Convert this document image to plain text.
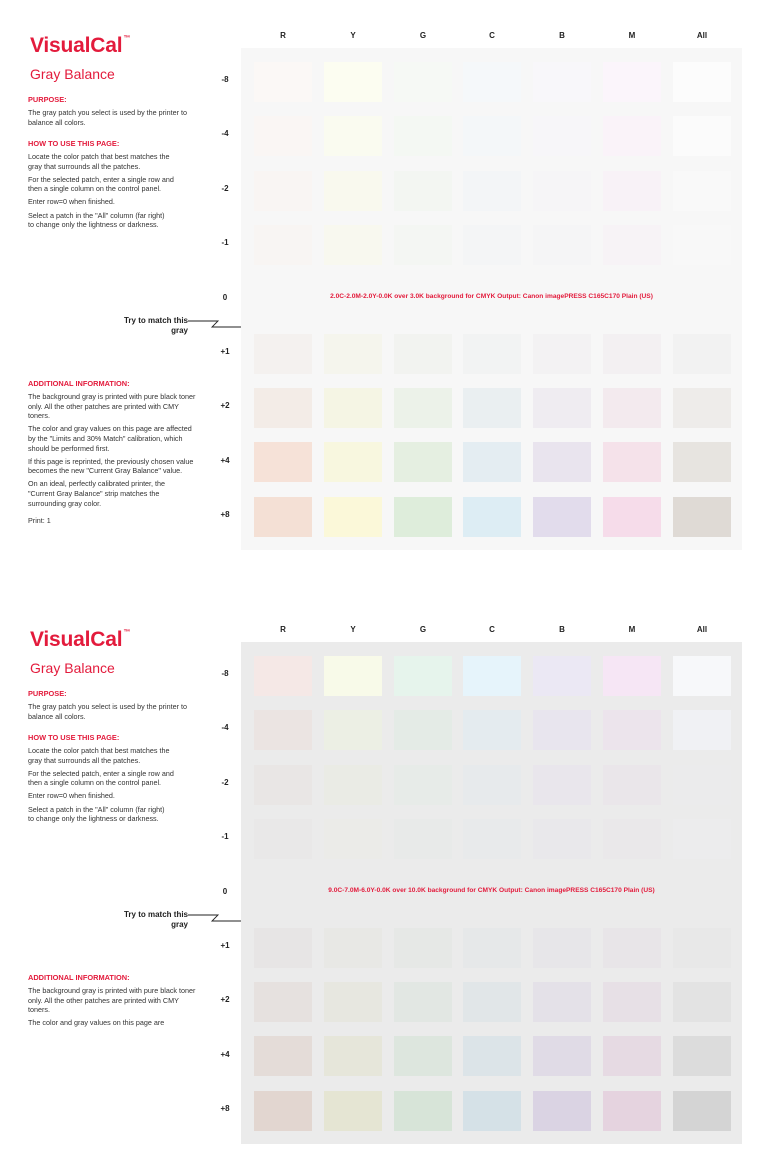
VisualCal™
Gray Balance

PURPOSE:

The gray patch you select is used by the printer to balance all colors.

HOW TO USE THIS PAGE:

Locate the color patch that best matches the gray that surrounds all the patches.

For the selected patch, enter a single row and then a single column on the control panel.

Enter row=0 when finished.

Select a patch in the "All" column (far right) to change only the lightness or darkness.

Try to match this gray

ADDITIONAL INFORMATION:

The background gray is printed with pure black toner only. All the other patches are printed with CMY toners.

The color and gray values on this page are affected by the "Limits and 30% Match" calibration, which should be performed first.

If this page is reprinted, the previously chosen value becomes the new "Current Gray Balance" value.

On an ideal, perfectly calibrated printer, the "Current Gray Balance" strip matches the surrounding gray color.

Print: 1

R	Y	G	C	B	M	All
-8
-4
-2
-1
0
+1
+2
+4
+8
2.0C-2.0M-2.0Y-0.0K over 3.0K background for CMYK Output: Canon imagePRESS C165C170 Plain (US)
VisualCal™
Gray Balance

PURPOSE:

The gray patch you select is used by the printer to balance all colors.

HOW TO USE THIS PAGE:

Locate the color patch that best matches the gray that surrounds all the patches.

For the selected patch, enter a single row and then a single column on the control panel.

Enter row=0 when finished.

Select a patch in the "All" column (far right) to change only the lightness or darkness.

Try to match this gray

ADDITIONAL INFORMATION:

The background gray is printed with pure black toner only. All the other patches are printed with CMY toners.

The color and gray values on this page are

R	Y	G	C	B	M	All
-8
-4
-2
-1
0
+1
+2
+4
+8
9.0C-7.0M-6.0Y-0.0K over 10.0K background for CMYK Output: Canon imagePRESS C165C170 Plain (US)
